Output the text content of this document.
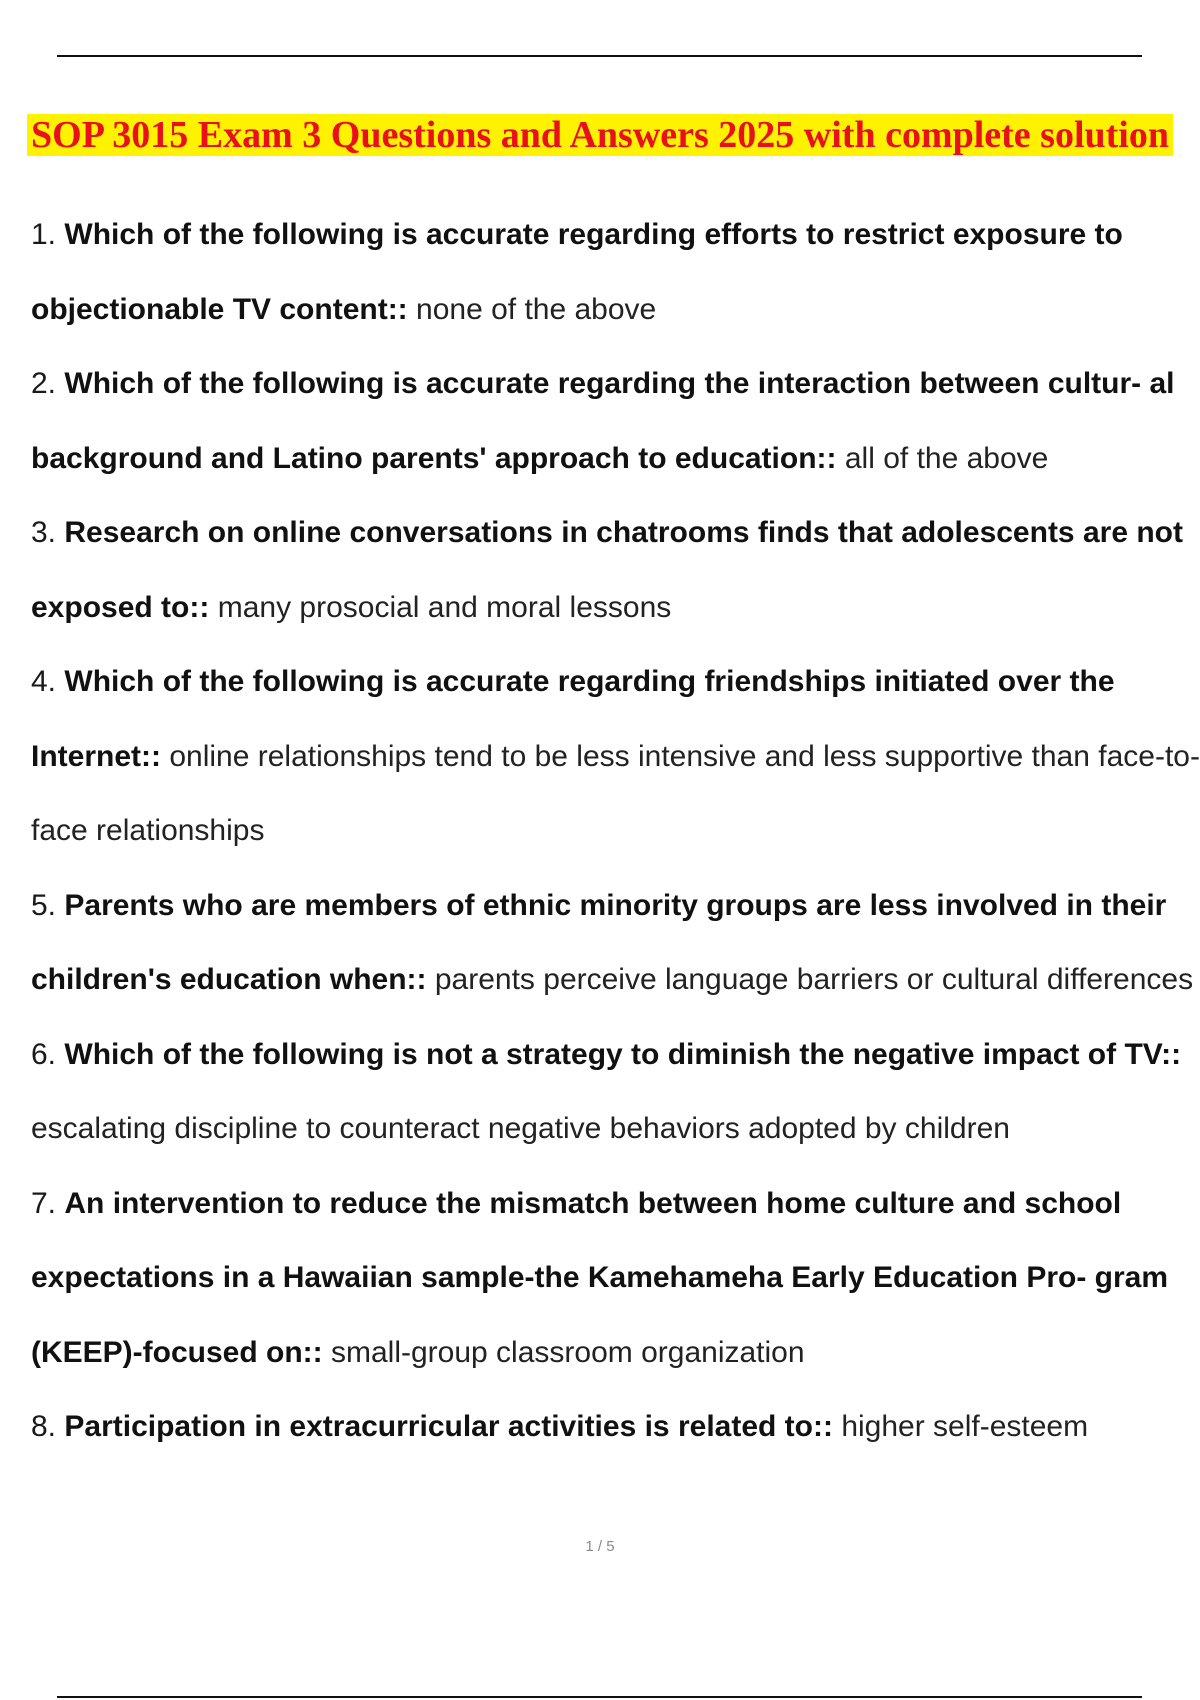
SOP 3015 Exam 3 Questions and Answers 2025 with complete solution
1. Which of the following is accurate regarding efforts to restrict exposure to objectionable TV content:: none of the above
2. Which of the following is accurate regarding the interaction between cultur- al background and Latino parents' approach to education:: all of the above
3. Research on online conversations in chatrooms finds that adolescents are not exposed to:: many prosocial and moral lessons
4. Which of the following is accurate regarding friendships initiated over the Internet:: online relationships tend to be less intensive and less supportive than face-to-face relationships
5. Parents who are members of ethnic minority groups are less involved in their children's education when:: parents perceive language barriers or cultural differences
6. Which of the following is not a strategy to diminish the negative impact of TV:: escalating discipline to counteract negative behaviors adopted by children
7. An intervention to reduce the mismatch between home culture and school expectations in a Hawaiian sample-the Kamehameha Early Education Pro- gram (KEEP)-focused on:: small-group classroom organization
8. Participation in extracurricular activities is related to:: higher self-esteem
1 / 5
